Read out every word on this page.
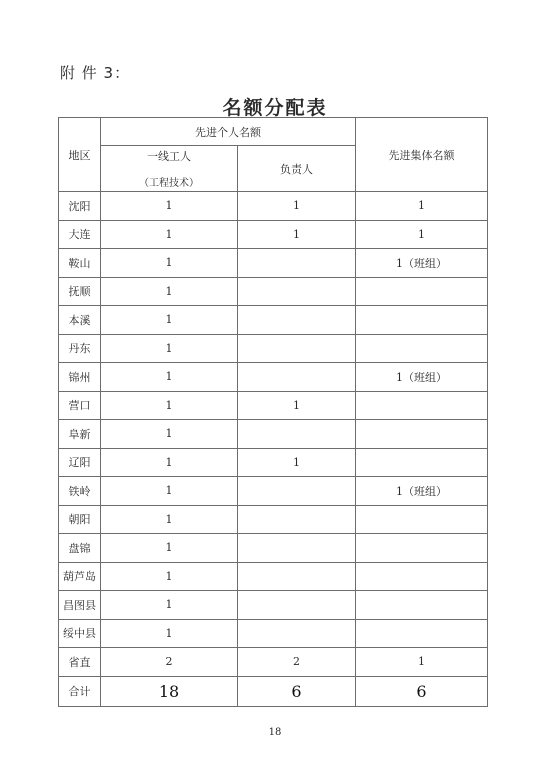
附 件 3：
名额分配表
地区	先进个人名额		先进集体名额
	一线工人
（工程技术）	负责人	
沈阳	1	1	1
大连	1	1	1
鞍山	1		1（班组）
抚顺	1		
本溪	1		
丹东	1		
锦州	1		1（班组）
营口	1	1	
阜新	1		
辽阳	1	1	
铁岭	1		1（班组）
朝阳	1		
盘锦	1		
葫芦岛	1		
昌图县	1		
绥中县	1		
省直	2	2	1
合计	18	6	6
18
